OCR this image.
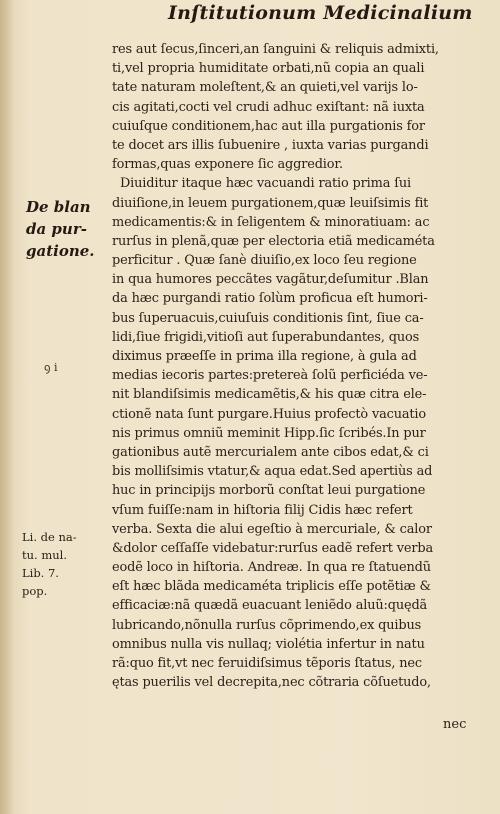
Inſtitutionum Medicinalium
De blan
da pur-
gatione.
ꝯ i
Li. de na-
tu. mul.
Lib. 7.
pop.
res aut ſecus,ſinceri,an ſanguini & reliquis admixti,
ti,vel propria humiditate orbati,nũ copia an quali
tate naturam moleſtent,& an quieti,vel varijs lo-
cis agitati,cocti vel crudi adhuc exiſtant: nã iuxta
cuiuſque conditionem,hac aut illa purgationis for
te docet ars illis ſubuenire , iuxta varias purgandi
formas,quas exponere ſic aggredior.
Diuiditur itaque hæc vacuandi ratio prima ſui
diuiſione,in leuem purgationem,quæ leuiſsimis fit
medicamentis:& in ſeligentem & minoratiuam: ac
rurſus in plenã,quæ per electoria etiã medicaméta
perficitur . Quæ ſanè diuiſio,ex loco ſeu regione
in qua humores peccãtes vagãtur,deſumitur .Blan
da hæc purgandi ratio ſolùm proficua eſt humori-
bus ſuperuacuis,cuiuſuis conditionis ſint, ſiue ca-
lidi,ſiue frigidi,vitioſi aut ſuperabundantes, quos
diximus præeſſe in prima illa regione, à gula ad
medias iecoris partes:pretereà ſolũ perficiéda ve-
nit blandiſsimis medicamẽtis,& his quæ citra ele-
ctionẽ nata ſunt purgare.Huius profectò vacuatio
nis primus omniũ meminit Hipp.ſic ſcribés.In pur
gationibus autẽ mercurialem ante cibos edat,& ci
bis molliſsimis vtatur,& aqua edat.Sed apertiùs ad
huc in principijs morborũ conſtat leui purgatione
vſum fuiſſe:nam in hiſtoria filij Cidis hæc refert
verba. Sexta die alui egeſtio à mercuriale, & calor
&dolor ceſſaſſe videbatur:rurſus eadẽ refert verba
eodẽ loco in hiſtoria. Andreæ. In qua re ſtatuendũ
eſt hæc blãda medicaméta triplicis eſſe potẽtiæ &
efficaciæ:nã quædã euacuant leniẽdo aluũ:quędã
lubricando,nõnulla rurſus cõprimendo,ex quibus
omnibus nulla vis nullaq; violétia infertur in natu
rã:quo fit,vt nec feruidiſsimus tẽporis ſtatus, nec
ętas puerilis vel decrepita,nec cõtraria cõſuetudo,
nec
